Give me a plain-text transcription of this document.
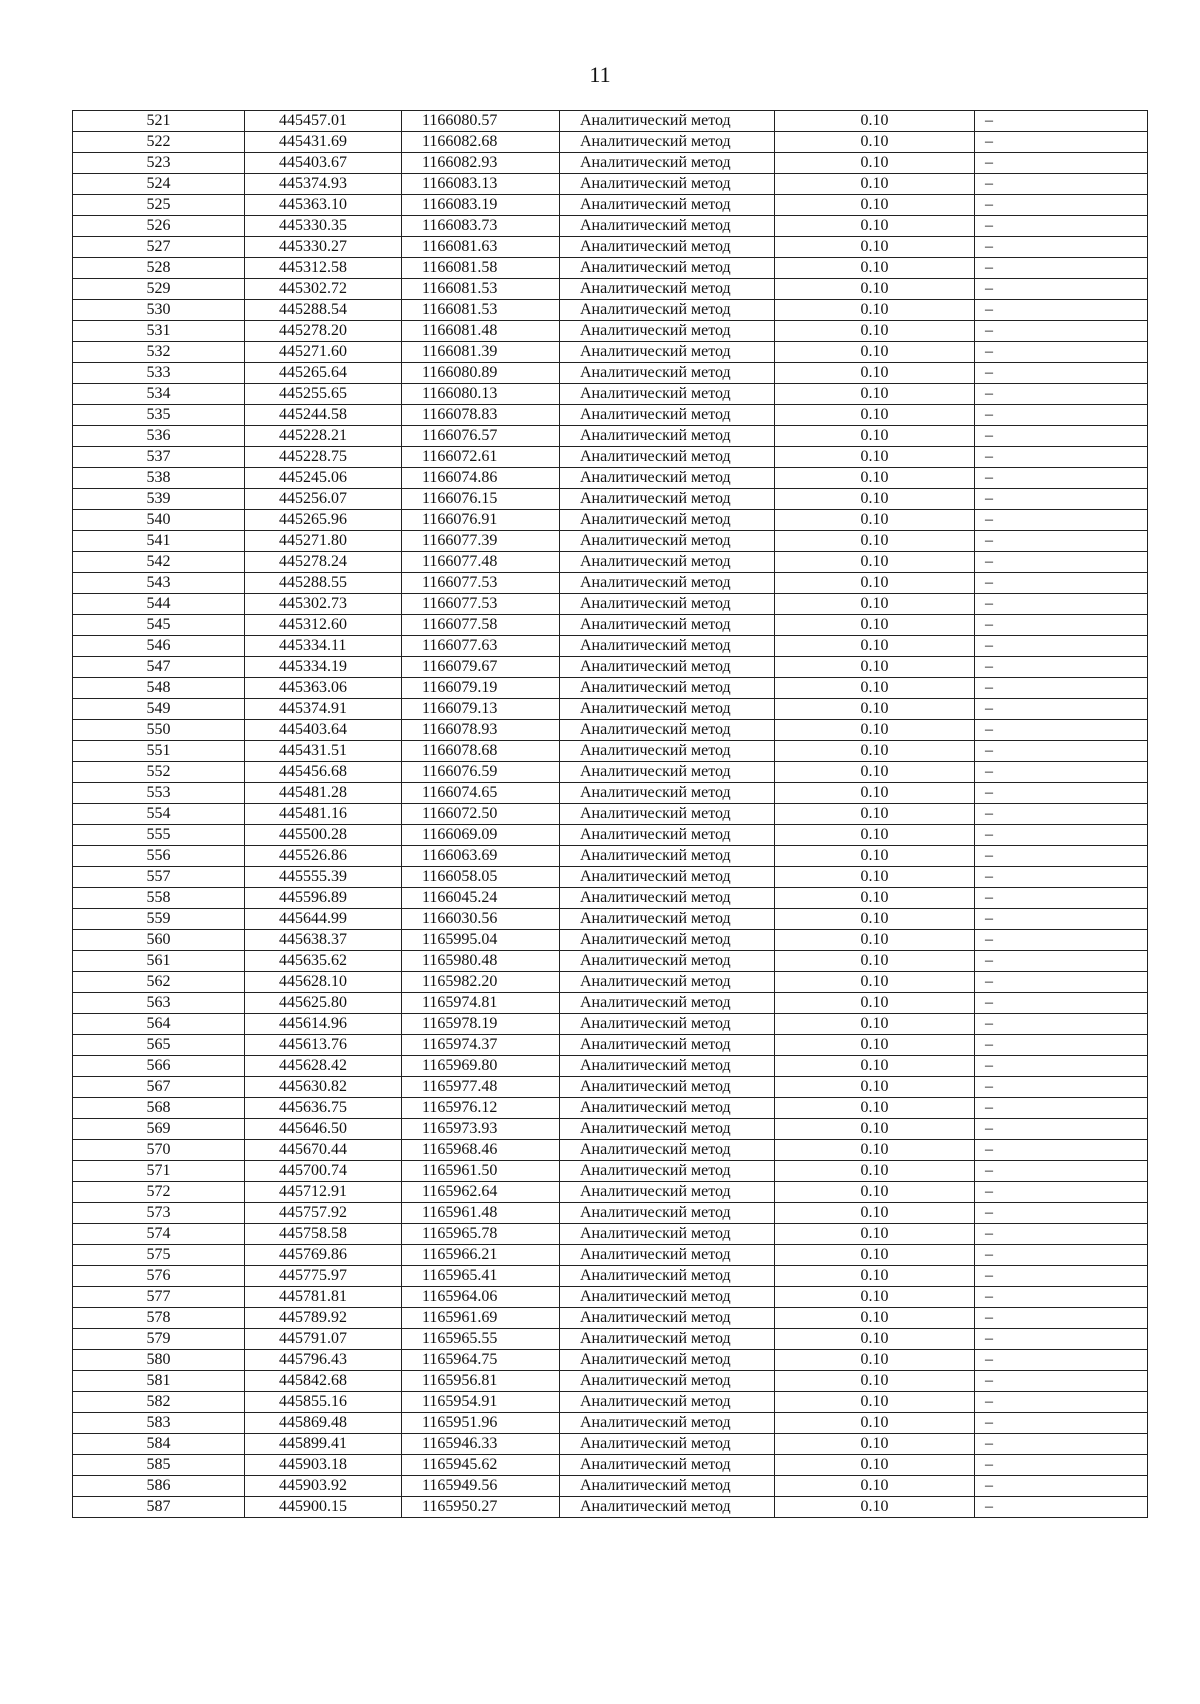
11
521	445457.01	1166080.57	Аналитический метод	0.10	–
522	445431.69	1166082.68	Аналитический метод	0.10	–
523	445403.67	1166082.93	Аналитический метод	0.10	–
524	445374.93	1166083.13	Аналитический метод	0.10	–
525	445363.10	1166083.19	Аналитический метод	0.10	–
526	445330.35	1166083.73	Аналитический метод	0.10	–
527	445330.27	1166081.63	Аналитический метод	0.10	–
528	445312.58	1166081.58	Аналитический метод	0.10	–
529	445302.72	1166081.53	Аналитический метод	0.10	–
530	445288.54	1166081.53	Аналитический метод	0.10	–
531	445278.20	1166081.48	Аналитический метод	0.10	–
532	445271.60	1166081.39	Аналитический метод	0.10	–
533	445265.64	1166080.89	Аналитический метод	0.10	–
534	445255.65	1166080.13	Аналитический метод	0.10	–
535	445244.58	1166078.83	Аналитический метод	0.10	–
536	445228.21	1166076.57	Аналитический метод	0.10	–
537	445228.75	1166072.61	Аналитический метод	0.10	–
538	445245.06	1166074.86	Аналитический метод	0.10	–
539	445256.07	1166076.15	Аналитический метод	0.10	–
540	445265.96	1166076.91	Аналитический метод	0.10	–
541	445271.80	1166077.39	Аналитический метод	0.10	–
542	445278.24	1166077.48	Аналитический метод	0.10	–
543	445288.55	1166077.53	Аналитический метод	0.10	–
544	445302.73	1166077.53	Аналитический метод	0.10	–
545	445312.60	1166077.58	Аналитический метод	0.10	–
546	445334.11	1166077.63	Аналитический метод	0.10	–
547	445334.19	1166079.67	Аналитический метод	0.10	–
548	445363.06	1166079.19	Аналитический метод	0.10	–
549	445374.91	1166079.13	Аналитический метод	0.10	–
550	445403.64	1166078.93	Аналитический метод	0.10	–
551	445431.51	1166078.68	Аналитический метод	0.10	–
552	445456.68	1166076.59	Аналитический метод	0.10	–
553	445481.28	1166074.65	Аналитический метод	0.10	–
554	445481.16	1166072.50	Аналитический метод	0.10	–
555	445500.28	1166069.09	Аналитический метод	0.10	–
556	445526.86	1166063.69	Аналитический метод	0.10	–
557	445555.39	1166058.05	Аналитический метод	0.10	–
558	445596.89	1166045.24	Аналитический метод	0.10	–
559	445644.99	1166030.56	Аналитический метод	0.10	–
560	445638.37	1165995.04	Аналитический метод	0.10	–
561	445635.62	1165980.48	Аналитический метод	0.10	–
562	445628.10	1165982.20	Аналитический метод	0.10	–
563	445625.80	1165974.81	Аналитический метод	0.10	–
564	445614.96	1165978.19	Аналитический метод	0.10	–
565	445613.76	1165974.37	Аналитический метод	0.10	–
566	445628.42	1165969.80	Аналитический метод	0.10	–
567	445630.82	1165977.48	Аналитический метод	0.10	–
568	445636.75	1165976.12	Аналитический метод	0.10	–
569	445646.50	1165973.93	Аналитический метод	0.10	–
570	445670.44	1165968.46	Аналитический метод	0.10	–
571	445700.74	1165961.50	Аналитический метод	0.10	–
572	445712.91	1165962.64	Аналитический метод	0.10	–
573	445757.92	1165961.48	Аналитический метод	0.10	–
574	445758.58	1165965.78	Аналитический метод	0.10	–
575	445769.86	1165966.21	Аналитический метод	0.10	–
576	445775.97	1165965.41	Аналитический метод	0.10	–
577	445781.81	1165964.06	Аналитический метод	0.10	–
578	445789.92	1165961.69	Аналитический метод	0.10	–
579	445791.07	1165965.55	Аналитический метод	0.10	–
580	445796.43	1165964.75	Аналитический метод	0.10	–
581	445842.68	1165956.81	Аналитический метод	0.10	–
582	445855.16	1165954.91	Аналитический метод	0.10	–
583	445869.48	1165951.96	Аналитический метод	0.10	–
584	445899.41	1165946.33	Аналитический метод	0.10	–
585	445903.18	1165945.62	Аналитический метод	0.10	–
586	445903.92	1165949.56	Аналитический метод	0.10	–
587	445900.15	1165950.27	Аналитический метод	0.10	–
